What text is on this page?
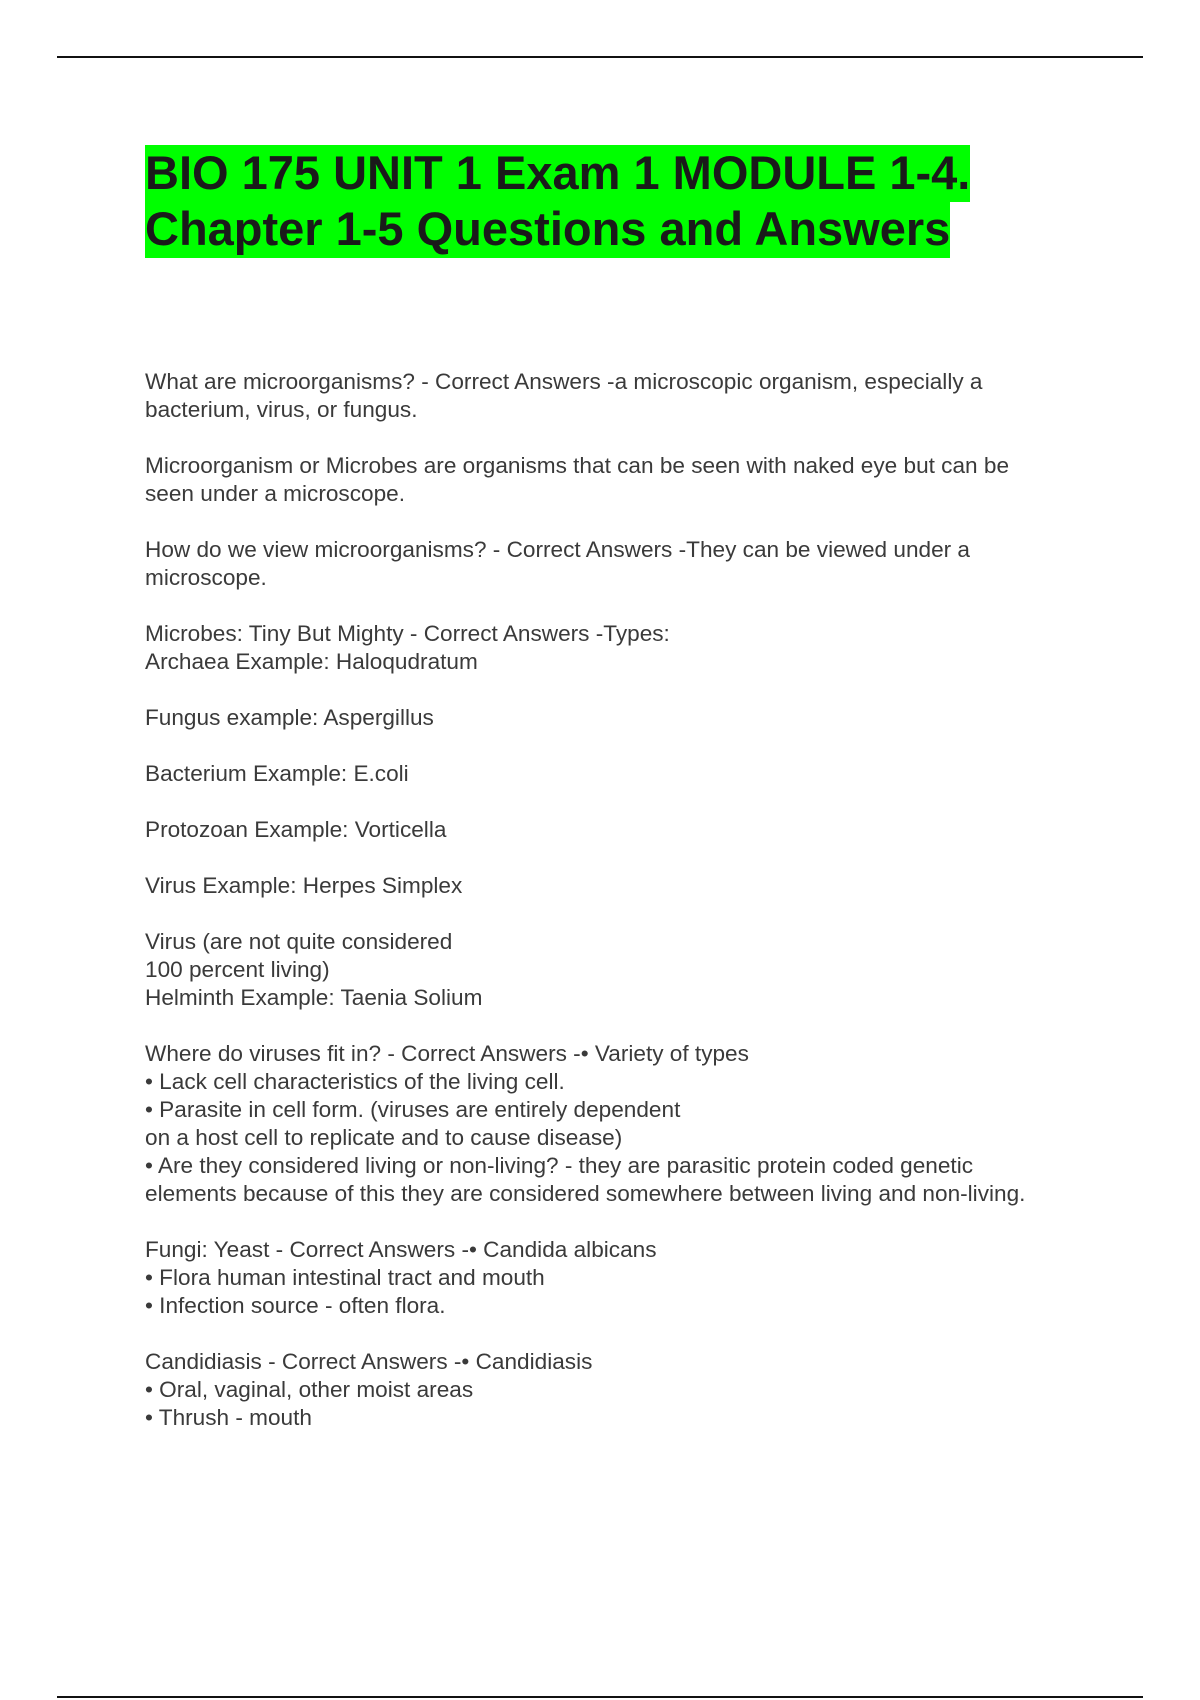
BIO 175 UNIT 1 Exam 1 MODULE 1-4.
Chapter 1-5 Questions and Answers

What are microorganisms? - Correct Answers -a microscopic organism, especially a
bacterium, virus, or fungus.

Microorganism or Microbes are organisms that can be seen with naked eye but can be
seen under a microscope.

How do we view microorganisms? - Correct Answers -They can be viewed under a
microscope.

Microbes: Tiny But Mighty - Correct Answers -Types:
Archaea Example: Haloqudratum

Fungus example: Aspergillus

Bacterium Example: E.coli

Protozoan Example: Vorticella

Virus Example: Herpes Simplex

Virus (are not quite considered
100 percent living)
Helminth Example: Taenia Solium

Where do viruses fit in? - Correct Answers -• Variety of types
• Lack cell characteristics of the living cell.
• Parasite in cell form. (viruses are entirely dependent
on a host cell to replicate and to cause disease)
• Are they considered living or non-living? - they are parasitic protein coded genetic
elements because of this they are considered somewhere between living and non-living.

Fungi: Yeast - Correct Answers -• Candida albicans
• Flora human intestinal tract and mouth
• Infection source - often flora.

Candidiasis - Correct Answers -• Candidiasis
• Oral, vaginal, other moist areas
• Thrush - mouth
